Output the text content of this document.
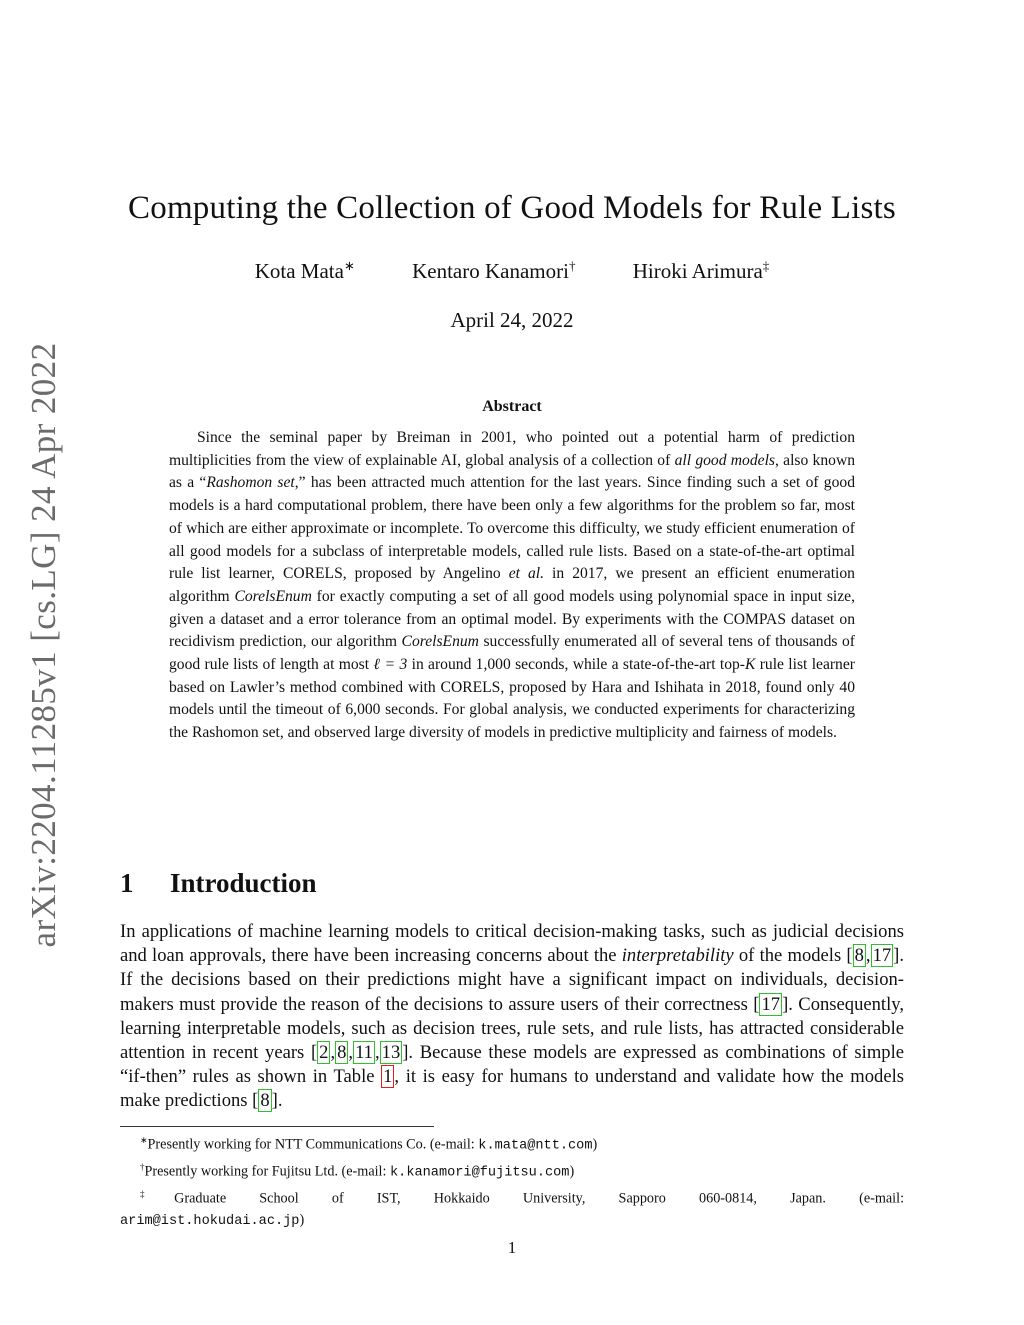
arXiv:2204.11285v1 [cs.LG] 24 Apr 2022
Computing the Collection of Good Models for Rule Lists
Kota Mata∗	Kentaro Kanamori†	Hiroki Arimura‡
April 24, 2022
Abstract
Since the seminal paper by Breiman in 2001, who pointed out a potential harm of prediction multiplicities from the view of explainable AI, global analysis of a collection of all good models, also known as a “Rashomon set,” has been attracted much attention for the last years. Since finding such a set of good models is a hard computational problem, there have been only a few algorithms for the problem so far, most of which are either approximate or incomplete. To overcome this difficulty, we study efficient enumeration of all good models for a subclass of interpretable models, called rule lists. Based on a state-of-the-art optimal rule list learner, CORELS, proposed by Angelino et al. in 2017, we present an efficient enumeration algorithm CorelsEnum for exactly computing a set of all good models using polynomial space in input size, given a dataset and a error tolerance from an optimal model. By experiments with the COMPAS dataset on recidivism prediction, our algorithm CorelsEnum successfully enumerated all of several tens of thousands of good rule lists of length at most ℓ = 3 in around 1,000 seconds, while a state-of-the-art top-K rule list learner based on Lawler’s method combined with CORELS, proposed by Hara and Ishihata in 2018, found only 40 models until the timeout of 6,000 seconds. For global analysis, we conducted experiments for characterizing the Rashomon set, and observed large diversity of models in predictive multiplicity and fairness of models.
1 Introduction
In applications of machine learning models to critical decision-making tasks, such as judicial decisions and loan approvals, there have been increasing concerns about the interpretability of the models [ 8 , 17 ]. If the decisions based on their predictions might have a significant impact on individuals, decision-makers must provide the reason of the decisions to assure users of their correctness [ 17 ]. Consequently, learning interpretable models, such as decision trees, rule sets, and rule lists, has attracted considerable attention in recent years [ 2 , 8 , 11 , 13 ]. Because these models are expressed as combinations of simple “if-then” rules as shown in Table 1 , it is easy for humans to understand and validate how the models make predictions [ 8 ].
∗Presently working for NTT Communications Co. (e-mail: k.mata@ntt.com)
†Presently working for Fujitsu Ltd. (e-mail: k.kanamori@fujitsu.com)
‡Graduate School of IST, Hokkaido University, Sapporo 060-0814, Japan. (e-mail:
arim@ist.hokudai.ac.jp)
1
